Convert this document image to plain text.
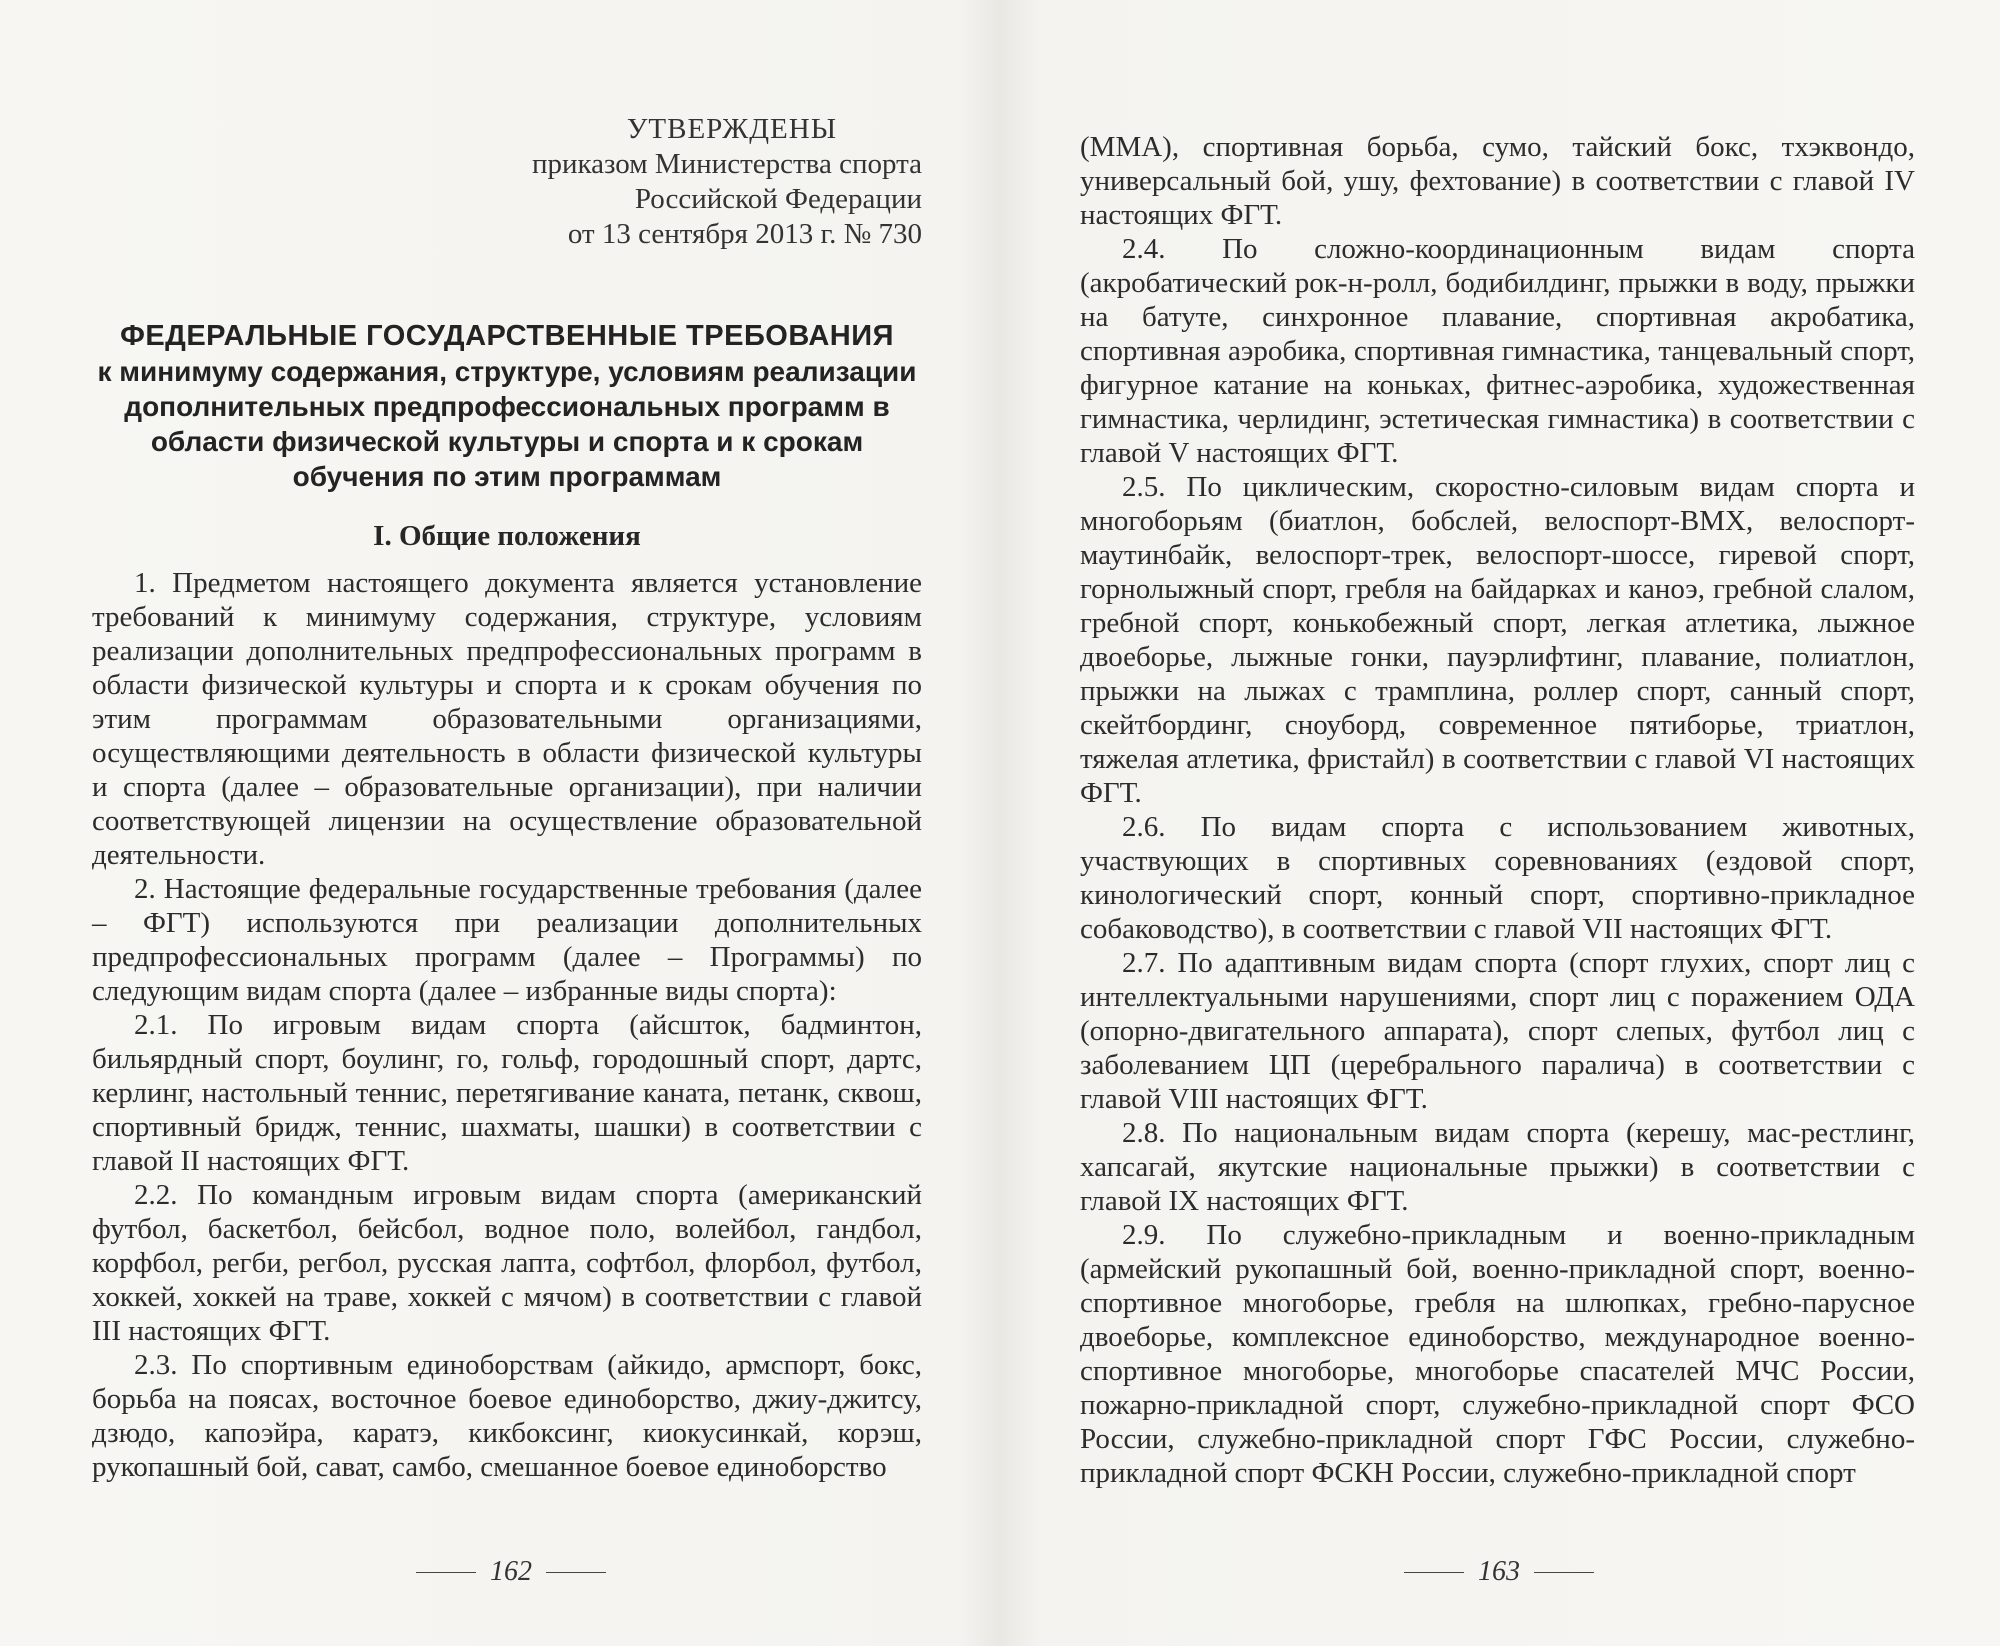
УТВЕРЖДЕНЫ
приказом Министерства спорта
Российской Федерации
от 13 сентября 2013 г. № 730
ФЕДЕРАЛЬНЫЕ ГОСУДАРСТВЕННЫЕ ТРЕБОВАНИЯ
к минимуму содержания, структуре, условиям реализации дополнительных предпрофессиональных программ в области физической культуры и спорта и к срокам обучения по этим программам
I. Общие положения

1. Предметом настоящего документа является установление требований к минимуму содержания, структуре, условиям реализации дополнительных предпрофессиональных программ в области физической культуры и спорта и к срокам обучения по этим программам образовательными организациями, осуществляющими деятельность в области физической культуры и спорта (далее – образовательные организации), при наличии соответствующей лицензии на осуществление образовательной деятельности.

2. Настоящие федеральные государственные требования (далее – ФГТ) используются при реализации дополнительных предпрофессиональных программ (далее – Программы) по следующим видам спорта (далее – избранные виды спорта):

2.1. По игровым видам спорта (айсшток, бадминтон, бильярдный спорт, боулинг, го, гольф, городошный спорт, дартс, керлинг, настольный теннис, перетягивание каната, петанк, сквош, спортивный бридж, теннис, шахматы, шашки) в соответствии с главой II настоящих ФГТ.

2.2. По командным игровым видам спорта (американский футбол, баскетбол, бейсбол, водное поло, волейбол, гандбол, корфбол, регби, регбол, русская лапта, софтбол, флорбол, футбол, хоккей, хоккей на траве, хоккей с мячом) в соответствии с главой III настоящих ФГТ.

2.3. По спортивным единоборствам (айкидо, армспорт, бокс, борьба на поясах, восточное боевое единоборство, джиу-джитсу, дзюдо, капоэйра, каратэ, кикбоксинг, киокусинкай, корэш, рукопашный бой, сават, самбо, смешанное боевое единоборство

162

(ММА), спортивная борьба, сумо, тайский бокс, тхэквондо, универсальный бой, ушу, фехтование) в соответствии с главой IV настоящих ФГТ.

2.4. По сложно-координационным видам спорта (акробатический рок-н-ролл, бодибилдинг, прыжки в воду, прыжки на батуте, синхронное плавание, спортивная акробатика, спортивная аэробика, спортивная гимнастика, танцевальный спорт, фигурное катание на коньках, фитнес-аэробика, художественная гимнастика, черлидинг, эстетическая гимнастика) в соответствии с главой V настоящих ФГТ.

2.5. По циклическим, скоростно-силовым видам спорта и многоборьям (биатлон, бобслей, велоспорт-BMX, велоспорт-маутинбайк, велоспорт-трек, велоспорт-шоссе, гиревой спорт, горнолыжный спорт, гребля на байдарках и каноэ, гребной слалом, гребной спорт, конькобежный спорт, легкая атлетика, лыжное двоеборье, лыжные гонки, пауэрлифтинг, плавание, полиатлон, прыжки на лыжах с трамплина, роллер спорт, санный спорт, скейтбординг, сноуборд, современное пятиборье, триатлон, тяжелая атлетика, фристайл) в соответствии с главой VI настоящих ФГТ.

2.6. По видам спорта с использованием животных, участвующих в спортивных соревнованиях (ездовой спорт, кинологический спорт, конный спорт, спортивно-прикладное собаководство), в соответствии с главой VII настоящих ФГТ.

2.7. По адаптивным видам спорта (спорт глухих, спорт лиц с интеллектуальными нарушениями, спорт лиц с поражением ОДА (опорно-двигательного аппарата), спорт слепых, футбол лиц с заболеванием ЦП (церебрального паралича) в соответствии с главой VIII настоящих ФГТ.

2.8. По национальным видам спорта (керешу, мас-рестлинг, хапсагай, якутские национальные прыжки) в соответствии с главой IX настоящих ФГТ.

2.9. По служебно-прикладным и военно-прикладным (армейский рукопашный бой, военно-прикладной спорт, военно-спортивное многоборье, гребля на шлюпках, гребно-парусное двоеборье, комплексное единоборство, международное военно-спортивное многоборье, многоборье спасателей МЧС России, пожарно-прикладной спорт, служебно-прикладной спорт ФСО России, служебно-прикладной спорт ГФС России, служебно-прикладной спорт ФСКН России, служебно-прикладной спорт

163
